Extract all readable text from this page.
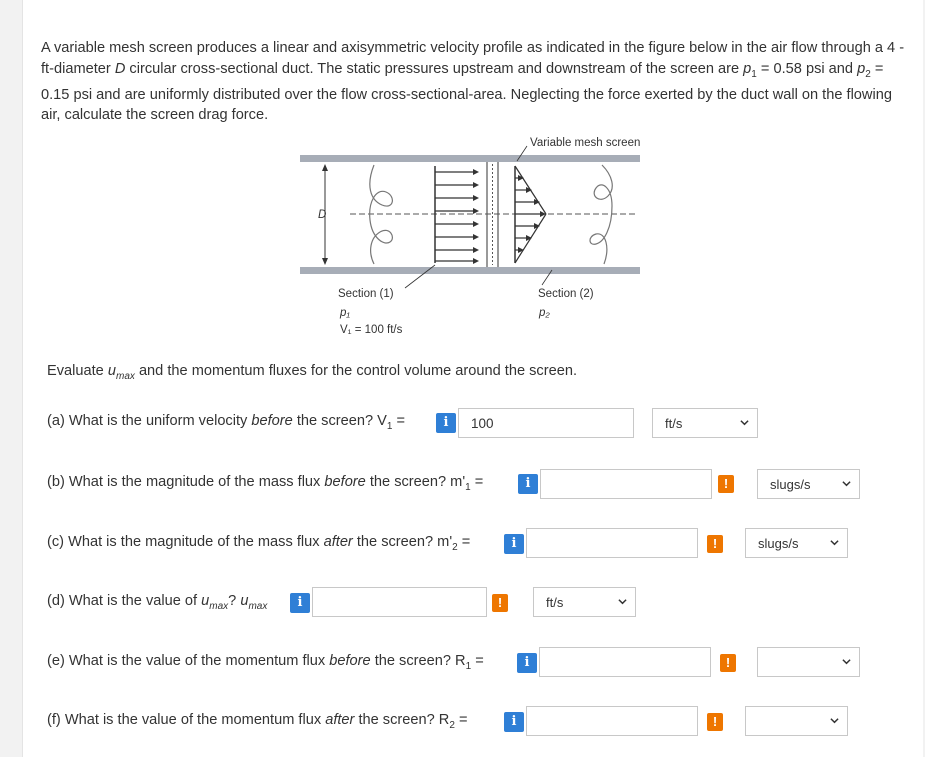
A variable mesh screen produces a linear and axisymmetric velocity profile as indicated in the figure below in the air flow through a 4 -ft-diameter D circular cross-sectional duct. The static pressures upstream and downstream of the screen are $p_1 = 0.58$ psi and $p_2 = 0.15$ psi and are uniformly distributed over the flow cross-sectional-area. Neglecting the force exerted by the duct wall on the flowing air, calculate the screen drag force.

D
Variable mesh screen
Section (1)
p₁
V₁ = 100 ft/s
Section (2)
p₂

Evaluate $u_{max}$ and the momentum fluxes for the control volume around the screen.

(a) What is the uniform velocity before the screen? $V_1$ =	i
100	ft/s
(b) What is the magnitude of the mass flux before the screen? $m'_1$ =	i	!	slugs/s
(c) What is the magnitude of the mass flux after the screen? $m'_2$ =	i	!	slugs/s
(d) What is the value of $u_{max}$? $u_{max}$	i	!	ft/s
(e) What is the value of the momentum flux before the screen? $R_1$ =	i	!
(f) What is the value of the momentum flux after the screen? $R_2$ =	i	!
